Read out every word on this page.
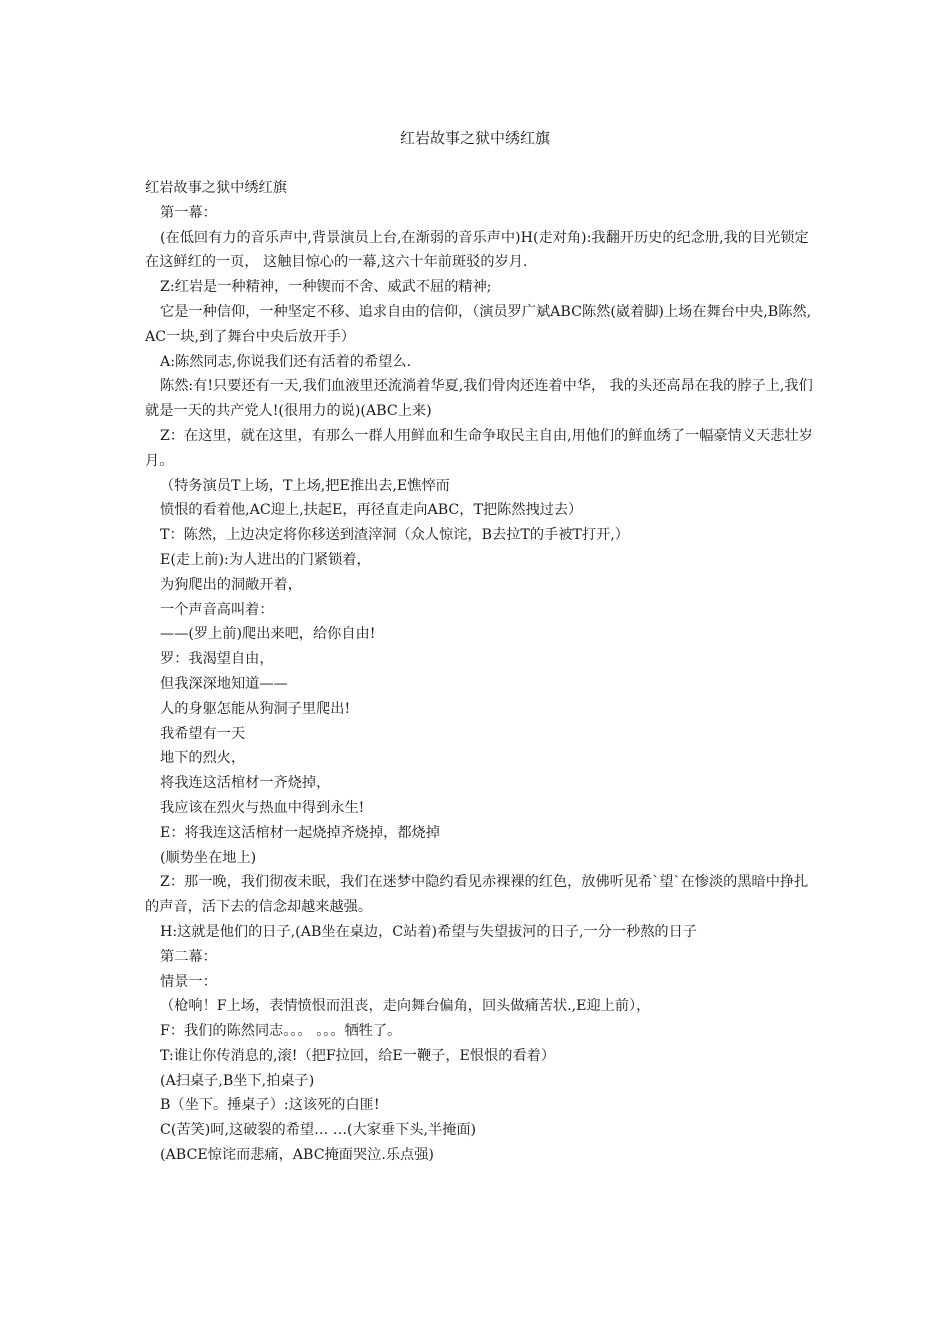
红岩故事之狱中绣红旗

红岩故事之狱中绣红旗

第一幕：

(在低回有力的音乐声中,背景演员上台,在渐弱的音乐声中)H(走对角):我翻开历史的纪念册,我的目光锁定在这鲜红的一页， 这触目惊心的一幕,这六十年前斑驳的岁月.

Z:红岩是一种精神，一种锲而不舍、威武不屈的精神;

它是一种信仰，一种坚定不移、追求自由的信仰，（演员罗广斌ABC陈然(崴着脚)上场在舞台中央,B陈然,AC一块,到了舞台中央后放开手）

A:陈然同志,你说我们还有活着的希望么.

陈然:有!只要还有一天,我们血液里还流淌着华夏,我们骨肉还连着中华， 我的头还高昂在我的脖子上,我们就是一天的共产党人!(很用力的说)(ABC上来)

Z：在这里，就在这里，有那么一群人用鲜血和生命争取民主自由,用他们的鲜血绣了一幅豪情义天悲壮岁月。

（特务演员T上场，T上场,把E推出去,E憔悴而

愤恨的看着他,AC迎上,扶起E，再径直走向ABC，T把陈然拽过去）

T：陈然，上边决定将你移送到渣滓洞（众人惊诧，B去拉T的手被T打开,）

E(走上前):为人进出的门紧锁着，

为狗爬出的洞敞开着，

一个声音高叫着：

——(罗上前)爬出来吧，给你自由!

罗：我渴望自由，

但我深深地知道——

人的身躯怎能从狗洞子里爬出!

我希望有一天

地下的烈火，

将我连这活棺材一齐烧掉，

我应该在烈火与热血中得到永生!

E：将我连这活棺材一起烧掉齐烧掉，都烧掉

(顺势坐在地上)

Z：那一晚，我们彻夜未眠，我们在迷梦中隐约看见赤裸裸的红色，放佛听见希`望`在惨淡的黑暗中挣扎的声音，活下去的信念却越来越强。

H:这就是他们的日子,(AB坐在桌边，C站着)希望与失望拔河的日子,一分一秒熬的日子

第二幕：

情景一：

（枪响！F上场，表情愤恨而沮丧，走向舞台偏角，回头做痛苦状.,E迎上前），

F：我们的陈然同志。。。 。。。牺牲了。

T:谁让你传消息的,滚!（把F拉回，给E一鞭子，E恨恨的看着）

(A扫桌子,B坐下,拍桌子)

B（坐下。捶桌子）:这该死的白匪!

C(苦笑)呵,这破裂的希望… …(大家垂下头,半掩面)

(ABCE惊诧而悲痛，ABC掩面哭泣.乐点强)
